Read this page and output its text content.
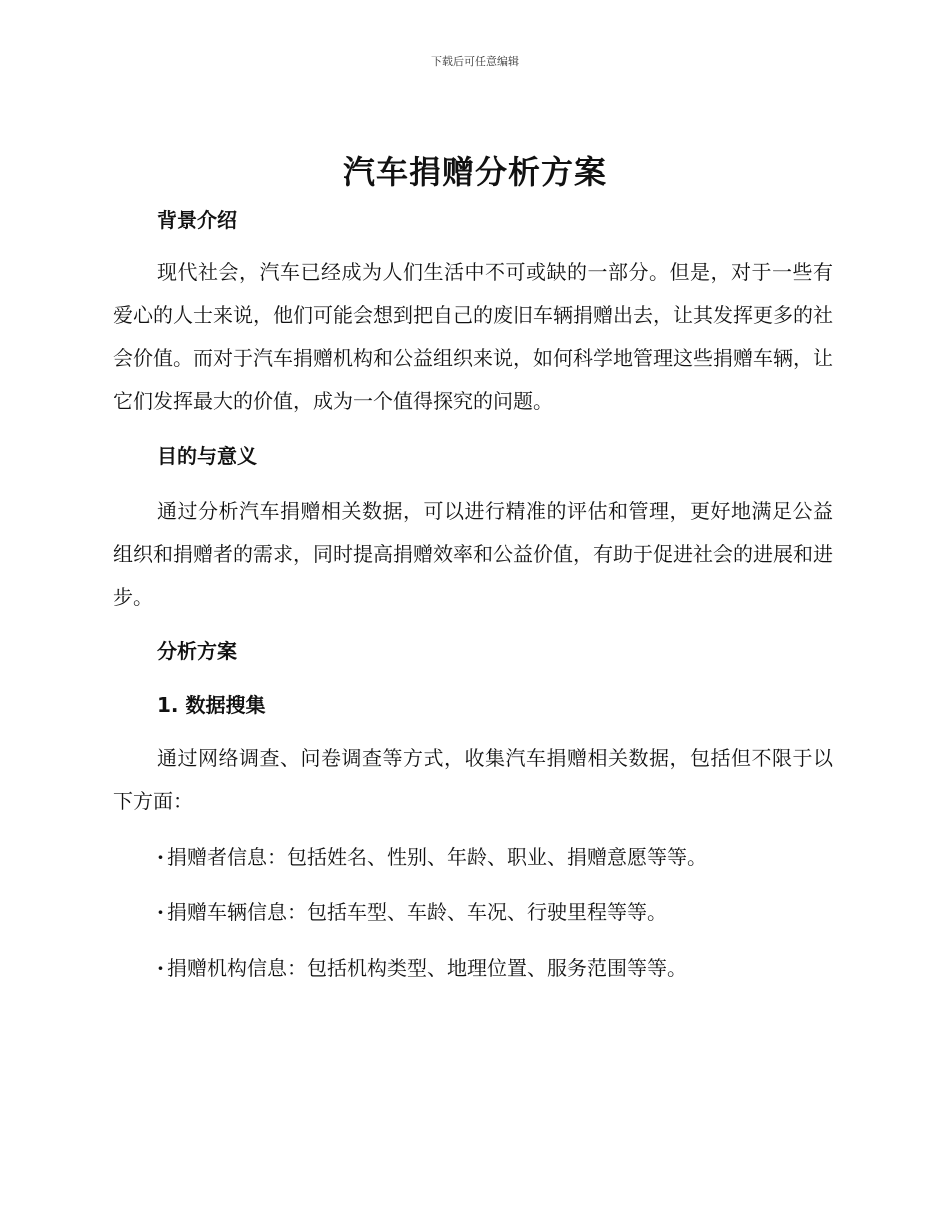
下载后可任意编辑
汽车捐赠分析方案
背景介绍

现代社会，汽车已经成为人们生活中不可或缺的一部分。但是，对于一些有爱心的人士来说，他们可能会想到把自己的废旧车辆捐赠出去，让其发挥更多的社会价值。而对于汽车捐赠机构和公益组织来说，如何科学地管理这些捐赠车辆，让它们发挥最大的价值，成为一个值得探究的问题。

目的与意义

通过分析汽车捐赠相关数据，可以进行精准的评估和管理，更好地满足公益组织和捐赠者的需求，同时提高捐赠效率和公益价值，有助于促进社会的进展和进步。

分析方案
1. 数据搜集

通过网络调查、问卷调查等方式，收集汽车捐赠相关数据，包括但不限于以下方面：

· 捐赠者信息：包括姓名、性别、年龄、职业、捐赠意愿等等。
· 捐赠车辆信息：包括车型、车龄、车况、行驶里程等等。
· 捐赠机构信息：包括机构类型、地理位置、服务范围等等。
